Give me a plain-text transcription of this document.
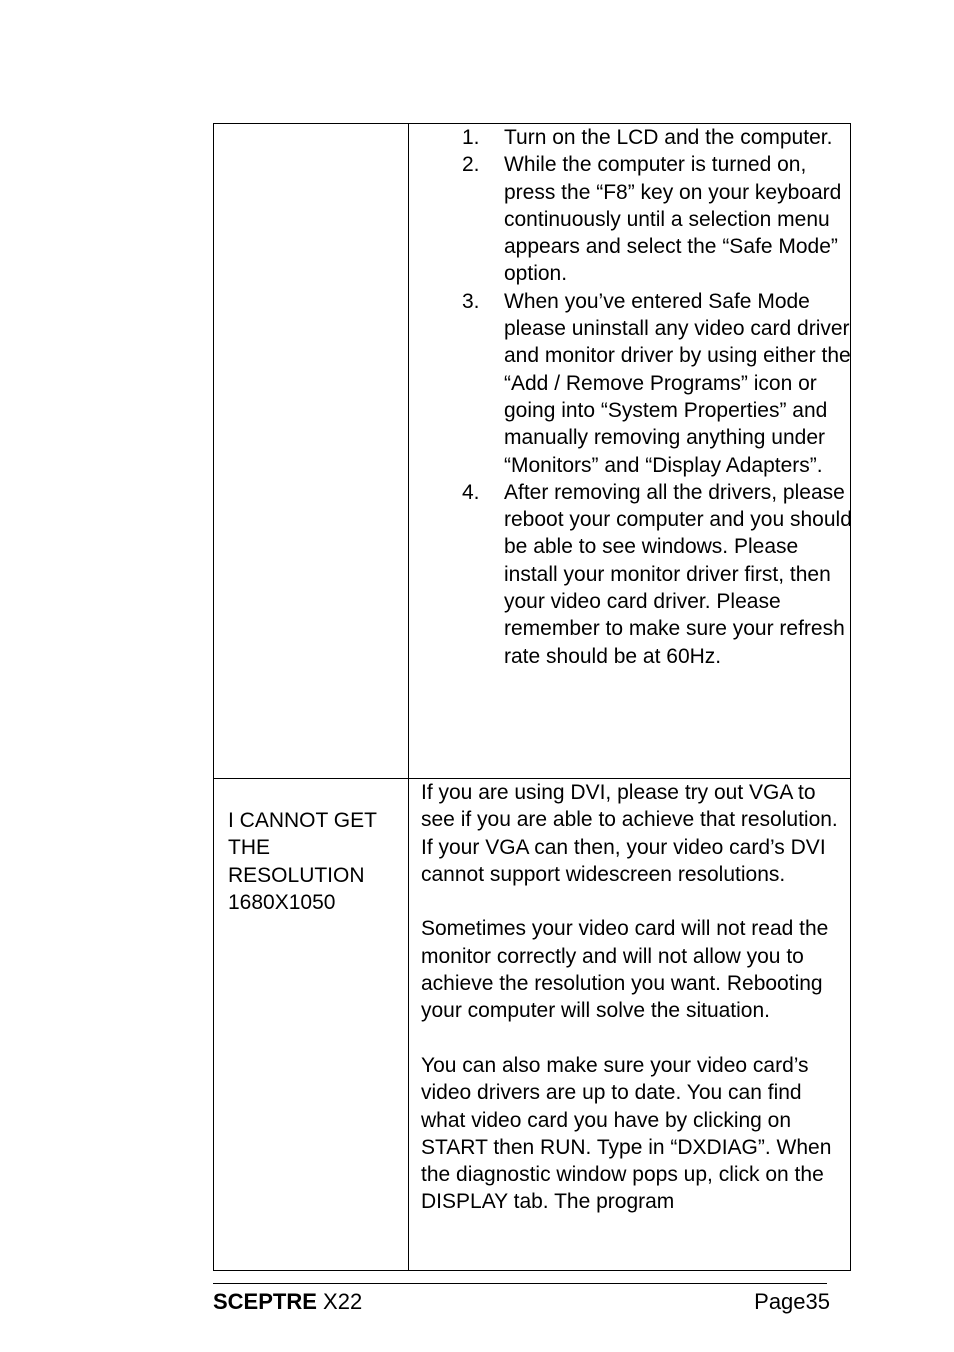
1. Turn on the LCD and the computer.
2. While the computer is turned on, press the “F8” key on your keyboard continuously until a selection menu appears and select the “Safe Mode” option.
3. When you’ve entered Safe Mode please uninstall any video card driver and monitor driver by using either the “Add / Remove Programs” icon or going into “System Properties” and manually removing anything under “Monitors” and “Display Adapters”.
4. After removing all the drivers, please reboot your computer and you should be able to see windows. Please install your monitor driver first, then your video card driver. Please remember to make sure your refresh rate should be at 60Hz.
I CANNOT GET THE RESOLUTION 1680X1050

If you are using DVI, please try out VGA to see if you are able to achieve that resolution. If your VGA can then, your video card’s DVI cannot support widescreen resolutions.

Sometimes your video card will not read the monitor correctly and will not allow you to achieve the resolution you want. Rebooting your computer will solve the situation.

You can also make sure your video card’s video drivers are up to date. You can find what video card you have by clicking on START then RUN. Type in “DXDIAG”. When the diagnostic window pops up, click on the DISPLAY tab. The program

SCEPTRE X22	Page35
